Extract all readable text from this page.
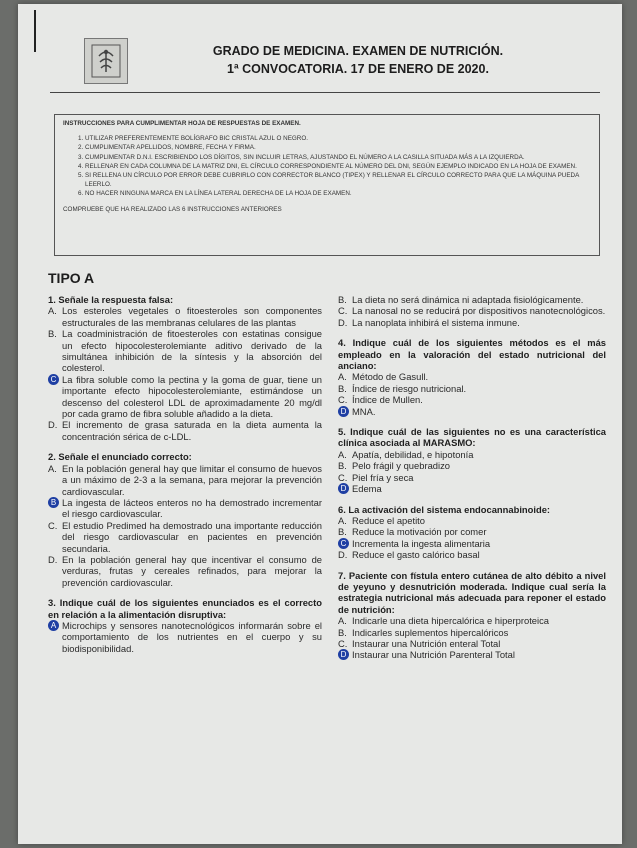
GRADO DE MEDICINA. EXAMEN DE NUTRICIÓN.
1ª CONVOCATORIA. 17 DE ENERO DE 2020.
INSTRUCCIONES PARA CUMPLIMENTAR HOJA DE RESPUESTAS DE EXAMEN.
1. UTILIZAR PREFERENTEMENTE BOLÍGRAFO BIC CRISTAL AZUL O NEGRO.
2. CUMPLIMENTAR APELLIDOS, NOMBRE, FECHA Y FIRMA.
3. CUMPLIMENTAR D.N.I. ESCRIBIENDO LOS DÍGITOS, SIN INCLUIR LETRAS, AJUSTANDO EL NÚMERO A LA CASILLA SITUADA MÁS A LA IZQUIERDA.
4. RELLENAR EN CADA COLUMNA DE LA MATRIZ DNI, EL CÍRCULO CORRESPONDIENTE AL NÚMERO DEL DNI, SEGÚN EJEMPLO INDICADO EN LA HOJA DE EXAMEN.
5. SI RELLENA UN CÍRCULO POR ERROR DEBE CUBRIRLO CON CORRECTOR BLANCO (TIPEX) Y RELLENAR EL CÍRCULO CORRECTO PARA QUE LA MÁQUINA PUEDA LEERLO.
6. NO HACER NINGUNA MARCA EN LA LÍNEA LATERAL DERECHA DE LA HOJA DE EXAMEN.
COMPRUEBE QUE HA REALIZADO LAS 6 INSTRUCCIONES ANTERIORES
TIPO A
1. Señale la respuesta falsa:
A. Los esteroles vegetales o fitoesteroles son componentes estructurales de las membranas celulares de las plantas
B. La coadministración de fitoesteroles con estatinas consigue un efecto hipocolesterolemiante aditivo derivado de la simultánea inhibición de la síntesis y la absorción del colesterol.
C La fibra soluble como la pectina y la goma de guar, tiene un importante efecto hipocolesterolemiante, estimándose un descenso del colesterol LDL de aproximadamente 20 mg/dl por cada gramo de fibra soluble añadido a la dieta.
D. El incremento de grasa saturada en la dieta aumenta la concentración sérica de c-LDL.
2. Señale el enunciado correcto:
A. En la población general hay que limitar el consumo de huevos a un máximo de 2-3 a la semana, para mejorar la prevención cardiovascular.
B La ingesta de lácteos enteros no ha demostrado incrementar el riesgo cardiovascular.
C. El estudio Predimed ha demostrado una importante reducción del riesgo cardiovascular en pacientes en prevención secundaria.
D. En la población general hay que incentivar el consumo de verduras, frutas y cereales refinados, para mejorar la prevención cardiovascular.
3. Indique cuál de los siguientes enunciados es el correcto en relación a la alimentación disruptiva:
A Microchips y sensores nanotecnológicos informarán sobre el comportamiento de los nutrientes en el cuerpo y su biodisponibilidad.
B. La dieta no será dinámica ni adaptada fisiológicamente.
C. La nanosal no se reducirá por dispositivos nanotecnológicos.
D. La nanoplata inhibirá el sistema inmune.
4. Indique cuál de los siguientes métodos es el más empleado en la valoración del estado nutricional del anciano:
A. Método de Gasull.
B. Índice de riesgo nutricional.
C. Índice de Mullen.
D MNA.
5. Indique cuál de las siguientes no es una característica clínica asociada al MARASMO:
A. Apatía, debilidad, e hipotonía
B. Pelo frágil y quebradizo
C. Piel fría y seca
D Edema
6. La activación del sistema endocannabinoide:
A. Reduce el apetito
B. Reduce la motivación por comer
C Incrementa la ingesta alimentaria
D. Reduce el gasto calórico basal
7. Paciente con fístula entero cutánea de alto débito a nivel de yeyuno y desnutrición moderada. Indique cual sería la estrategia nutricional más adecuada para reponer el estado de nutrición:
A. Indicarle una dieta hipercalórica e hiperproteica
B. Indicarles suplementos hipercalóricos
C. Instaurar una Nutrición enteral Total
D Instaurar una Nutrición Parenteral Total
